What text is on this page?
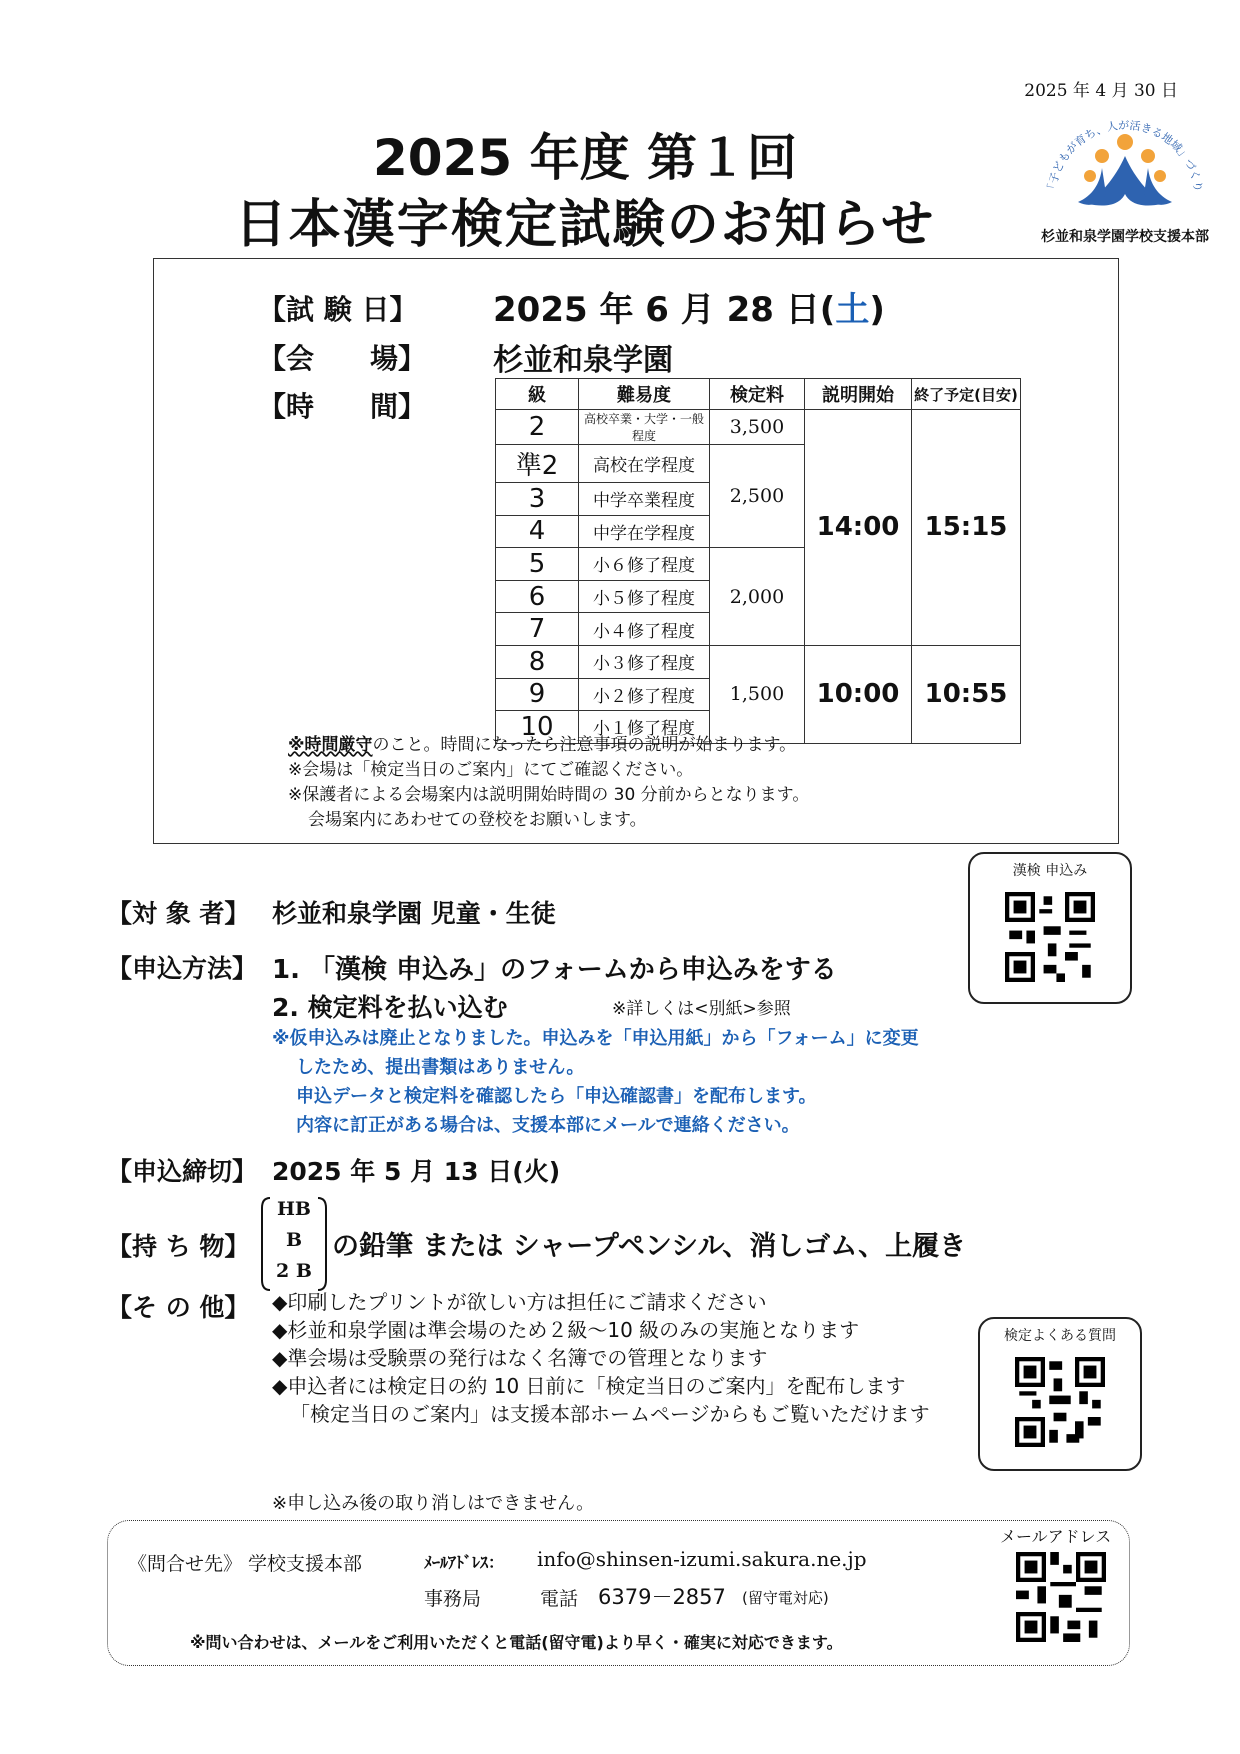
2025 年 4 月 30 日
2025 年度 第１回
日本漢字検定試験のお知らせ
「子どもが育ち、人が活きる地域」づくり
杉並和泉学園学校支援本部
【試 験 日】 2025 年 6 月 28 日(土)
【会　　場】 杉並和泉学園
【時　　間】	級	難易度	検定料	説明開始	終了予定(目安)
2	高校卒業・大学・一般程度	3,500	14:00	15:15
準2	高校在学程度	2,500		
3	中学卒業程度			
4	中学在学程度			
5	小６修了程度	2,000		
6	小５修了程度			
7	小４修了程度			
8	小３修了程度	1,500	10:00	10:55
9	小２修了程度			
10	小１修了程度			
※時間厳守のこと。時間になったら注意事項の説明が始まります。
※会場は「検定当日のご案内」にてご確認ください。
※保護者による会場案内は説明開始時間の 30 分前からとなります。
会場案内にあわせての登校をお願いします。
漢検 申込み
【対 象 者】 杉並和泉学園 児童・生徒
【申込方法】 1. 「漢検 申込み」のフォームから申込みをする
2. 検定料を払い込む	※詳しくは<別紙>参照
※仮申込みは廃止となりました。申込みを「申込用紙」から「フォーム」に変更
したため、提出書類はありません。
申込データと検定料を確認したら「申込確認書」を配布します。
内容に訂正がある場合は、支援本部にメールで連絡ください。
【申込締切】 2025 年 5 月 13 日(火)
【持 ち 物】
HB
B
2 B
の鉛筆 または シャープペンシル、消しゴム、上履き
【そ の 他】 ◆印刷したプリントが欲しい方は担任にご請求ください
◆杉並和泉学園は準会場のため２級～10 級のみの実施となります
◆準会場は受験票の発行はなく名簿での管理となります
◆申込者には検定日の約 10 日前に「検定当日のご案内」を配布します
「検定当日のご案内」は支援本部ホームページからもご覧いただけます
検定よくある質問
※申し込み後の取り消しはできません。
《問合せ先》 学校支援本部	ﾒｰﾙｱﾄﾞﾚｽ： info@shinsen-izumi.sakura.ne.jp
事務局	電話 6379－2857 (留守電対応)
※問い合わせは、メールをご利用いただくと電話(留守電)より早く・確実に対応できます。
メールアドレス
